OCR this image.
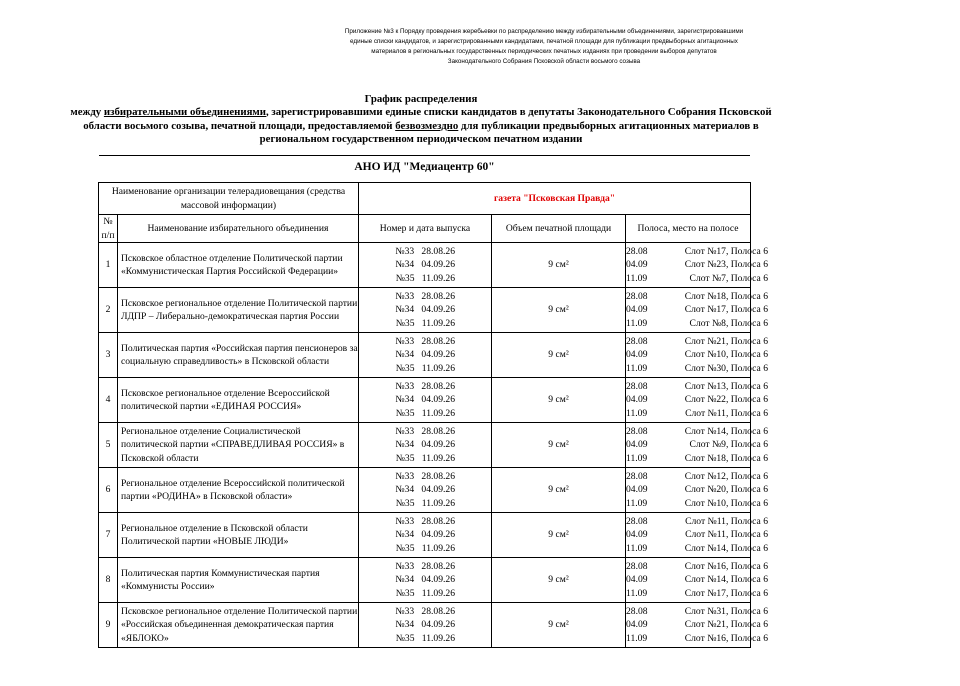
Приложение №3 к Порядку проведения жеребьевки по распределению между избирательными объединениями, зарегистрировавшими единые списки кандидатов, и зарегистрированными кандидатами, печатной площади для публикации предвыборных агитационных материалов в региональных государственных периодических печатных изданиях при проведении выборов депутатов Законодательного Собрания Псковской области восьмого созыва
График распределения
между избирательными объединениями, зарегистрировавшими единые списки кандидатов в депутаты Законодательного Собрания Псковской области восьмого созыва, печатной площади, предоставляемой безвозмездно для публикации предвыборных агитационных материалов в региональном государственном периодическом печатном издании
АНО ИД "Медиацентр 60"
Наименование организации телерадиовещания (средства массовой информации)		газета "Псковская Правда"		
№ п/п	Наименование избирательного объединения	Номер и дата выпуска	Объем печатной площади	Полоса, место на полосе
1	Псковское областное отделение Политической партии «Коммунистическая Партия Российской Федерации»	№33 28.08.26
№34 04.09.26
№35 11.09.26	9 см²	28.08 Слот №17, Полоса 6
04.09 Слот №23, Полоса 6
11.09 Слот №7, Полоса 6

2	Псковское региональное отделение Политической партии ЛДПР – Либерально-демократическая партия России	№33 28.08.26
№34 04.09.26
№35 11.09.26	9 см²	28.08 Слот №18, Полоса 6
04.09 Слот №17, Полоса 6
11.09 Слот №8, Полоса 6

3	Политическая партия «Российская партия пенсионеров за социальную справедливость» в Псковской области	№33 28.08.26
№34 04.09.26
№35 11.09.26	9 см²	28.08 Слот №21, Полоса 6
04.09 Слот №10, Полоса 6
11.09 Слот №30, Полоса 6

4	Псковское региональное отделение Всероссийской политической партии «ЕДИНАЯ РОССИЯ»	№33 28.08.26
№34 04.09.26
№35 11.09.26	9 см²	28.08 Слот №13, Полоса 6
04.09 Слот №22, Полоса 6
11.09 Слот №11, Полоса 6

5	Региональное отделение Социалистической политической партии «СПРАВЕДЛИВАЯ РОССИЯ» в Псковской области	№33 28.08.26
№34 04.09.26
№35 11.09.26	9 см²	28.08 Слот №14, Полоса 6
04.09 Слот №9, Полоса 6
11.09 Слот №18, Полоса 6

6	Региональное отделение Всероссийской политической партии «РОДИНА» в Псковской области»	№33 28.08.26
№34 04.09.26
№35 11.09.26	9 см²	28.08 Слот №12, Полоса 6
04.09 Слот №20, Полоса 6
11.09 Слот №10, Полоса 6

7	Региональное отделение в Псковской области Политической партии «НОВЫЕ ЛЮДИ»	№33 28.08.26
№34 04.09.26
№35 11.09.26	9 см²	28.08 Слот №11, Полоса 6
04.09 Слот №11, Полоса 6
11.09 Слот №14, Полоса 6

8	Политическая партия Коммунистическая партия «Коммунисты России»	№33 28.08.26
№34 04.09.26
№35 11.09.26	9 см²	28.08 Слот №16, Полоса 6
04.09 Слот №14, Полоса 6
11.09 Слот №17, Полоса 6

9	Псковское региональное отделение Политической партии «Российская объединенная демократическая партия «ЯБЛОКО»	№33 28.08.26
№34 04.09.26
№35 11.09.26	9 см²	28.08 Слот №31, Полоса 6
04.09 Слот №21, Полоса 6
11.09 Слот №16, Полоса 6
